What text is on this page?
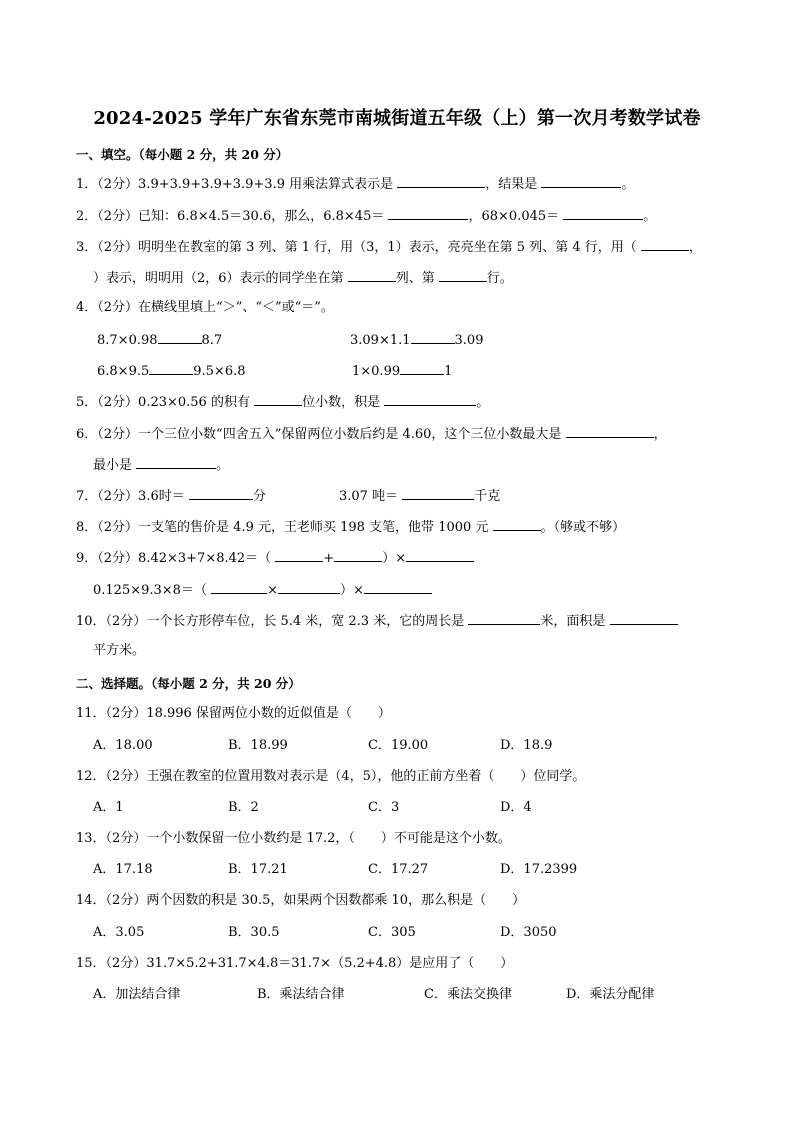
2024-2025 学年广东省东莞市南城街道五年级（上）第一次月考数学试卷
一、填空。（每小题 2 分，共 20 分）
1．（2分）3.9+3.9+3.9+3.9+3.9 用乘法算式表示是	，结果是	。
2．（2分）已知：6.8×4.5＝30.6，那么，6.8×45＝	，68×0.045＝	。
3．（2分）明明坐在教室的第 3 列、第 1 行，用（3，1）表示，亮亮坐在第 5 列、第 4 行，用（	，
）表示，明明用（2，6）表示的同学坐在第	列、第	行。
4．（2分）在横线里填上“＞”、“＜”或“＝”。
8.7×0.98	8.7	3.09×1.1	3.09
6.8×9.5	9.5×6.8	1×0.99	1
5．（2分）0.23×0.56 的积有	位小数，积是	。
6．（2分）一个三位小数“四舍五入”保留两位小数后约是 4.60，这个三位小数最大是	，
最小是	。
7．（2分）3.6时＝	分	3.07 吨＝	千克
8．（2分）一支笔的售价是 4.9 元，王老师买 198 支笔，他带 1000 元	。（够或不够）
9．（2分）8.42×3+7×8.42＝（	+	）×
0.125×9.3×8＝（	×	）×
10．（2分）一个长方形停车位，长 5.4 米，宽 2.3 米，它的周长是	米，面积是
平方米。
二、选择题。（每小题 2 分，共 20 分）
11．（2分）18.996 保留两位小数的近似值是（　　）
A．18.00	B．18.99	C．19.00	D．18.9
12．（2分）王强在教室的位置用数对表示是（4，5），他的正前方坐着（　　）位同学。
A．1	B．2	C．3	D．4
13．（2分）一个小数保留一位小数约是 17.2，（　　）不可能是这个小数。
A．17.18	B．17.21	C．17.27	D．17.2399
14．（2分）两个因数的积是 30.5，如果两个因数都乘 10，那么积是（　　）
A．3.05	B．30.5	C．305	D．3050
15．（2分）31.7×5.2+31.7×4.8＝31.7×（5.2+4.8）是应用了（　　）
A．加法结合律	B．乘法结合律	C．乘法交换律	D．乘法分配律
